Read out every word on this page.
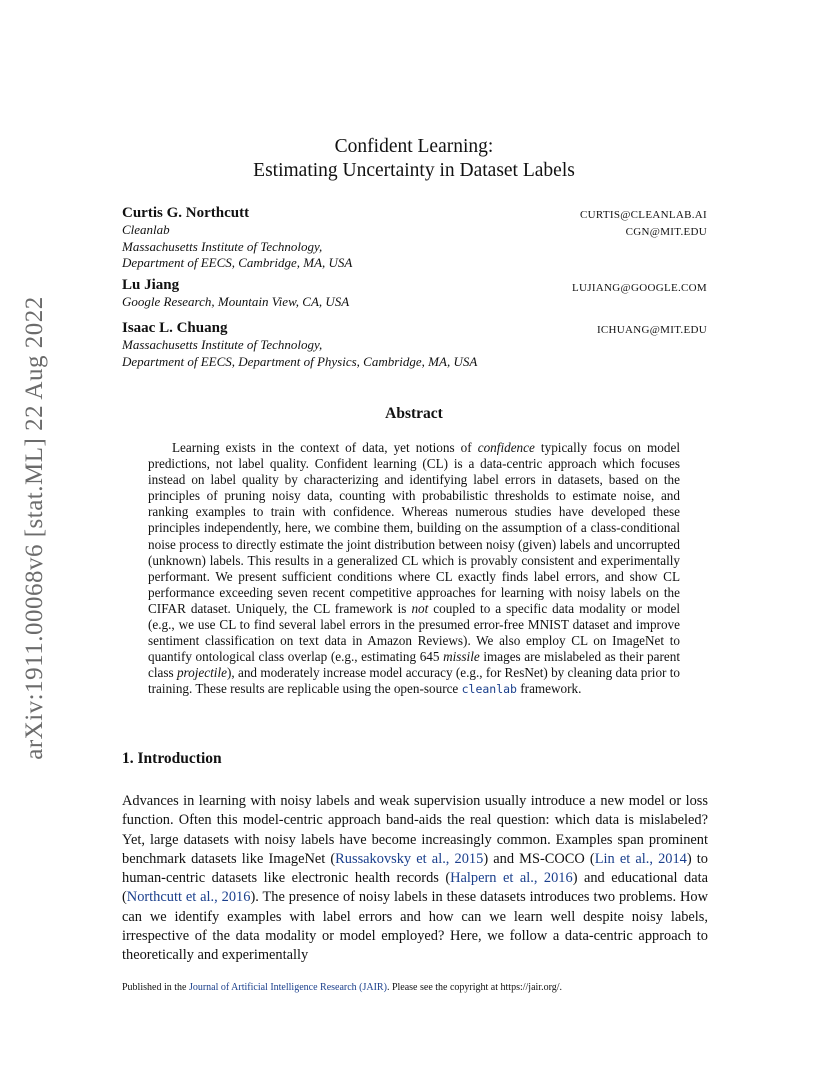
arXiv:1911.00068v6 [stat.ML] 22 Aug 2022
Confident Learning:
Estimating Uncertainty in Dataset Labels
Curtis G. Northcutt
Cleanlab
Massachusetts Institute of Technology,
Department of EECS, Cambridge, MA, USA
CURTIS@CLEANLAB.AI
CGN@MIT.EDU
Lu Jiang
Google Research, Mountain View, CA, USA
LUJIANG@GOOGLE.COM
Isaac L. Chuang
Massachusetts Institute of Technology,
Department of EECS, Department of Physics, Cambridge, MA, USA
ICHUANG@MIT.EDU
Abstract
Learning exists in the context of data, yet notions of confidence typically focus on model predictions, not label quality. Confident learning (CL) is a data-centric approach which focuses instead on label quality by characterizing and identifying label errors in datasets, based on the principles of pruning noisy data, counting with probabilistic thresholds to estimate noise, and ranking examples to train with confidence. Whereas numerous studies have developed these principles independently, here, we combine them, building on the assumption of a class-conditional noise process to directly estimate the joint distribution between noisy (given) labels and uncorrupted (unknown) labels. This results in a generalized CL which is provably consistent and experimentally performant. We present sufficient conditions where CL exactly finds label errors, and show CL performance exceeding seven recent competitive approaches for learning with noisy labels on the CIFAR dataset. Uniquely, the CL framework is not coupled to a specific data modality or model (e.g., we use CL to find several label errors in the presumed error-free MNIST dataset and improve sentiment classification on text data in Amazon Reviews). We also employ CL on ImageNet to quantify ontological class overlap (e.g., estimating 645 missile images are mislabeled as their parent class projectile), and moderately increase model accuracy (e.g., for ResNet) by cleaning data prior to training. These results are replicable using the open-source cleanlab framework.
1. Introduction
Advances in learning with noisy labels and weak supervision usually introduce a new model or loss function. Often this model-centric approach band-aids the real question: which data is mislabeled? Yet, large datasets with noisy labels have become increasingly common. Examples span prominent benchmark datasets like ImageNet (Russakovsky et al., 2015) and MS-COCO (Lin et al., 2014) to human-centric datasets like electronic health records (Halpern et al., 2016) and educational data (Northcutt et al., 2016). The presence of noisy labels in these datasets introduces two problems. How can we identify examples with label errors and how can we learn well despite noisy labels, irrespective of the data modality or model employed? Here, we follow a data-centric approach to theoretically and experimentally
Published in the Journal of Artificial Intelligence Research (JAIR). Please see the copyright at https://jair.org/.
